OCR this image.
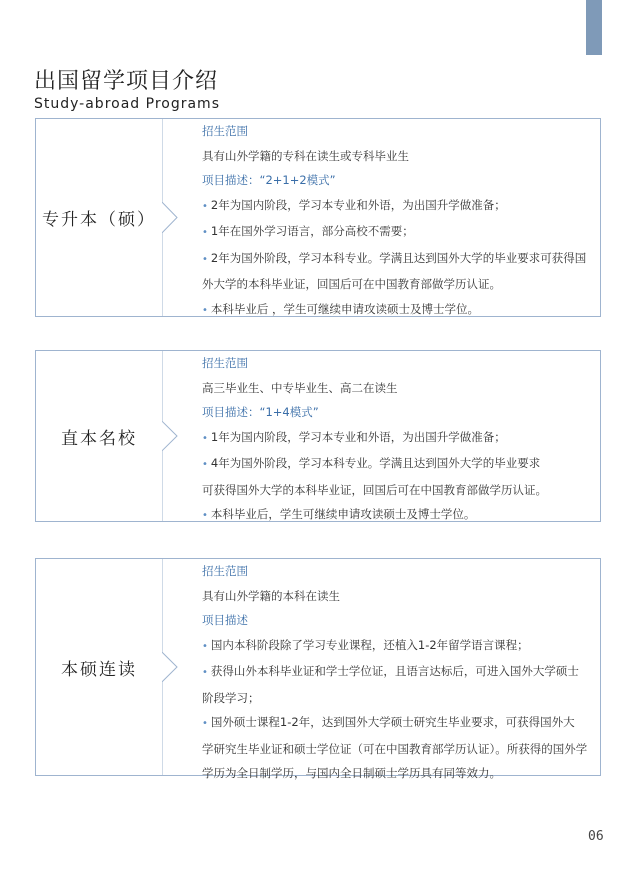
出国留学项目介绍
Study-abroad Programs
专升本（硕）
招生范围
具有山外学籍的专科在读生或专科毕业生
项目描述：“2+1+2模式”
• 2年为国内阶段，学习本专业和外语，为出国升学做准备；
• 1年在国外学习语言，部分高校不需要；
• 2年为国外阶段，学习本科专业。学满且达到国外大学的毕业要求可获得国
外大学的本科毕业证，回国后可在中国教育部做学历认证。
• 本科毕业后 ，学生可继续申请攻读硕士及博士学位。
直本名校
招生范围
高三毕业生、中专毕业生、高二在读生
项目描述：“1+4模式”
• 1年为国内阶段，学习本专业和外语，为出国升学做准备；
• 4年为国外阶段，学习本科专业。学满且达到国外大学的毕业要求
可获得国外大学的本科毕业证，回国后可在中国教育部做学历认证。
• 本科毕业后，学生可继续申请攻读硕士及博士学位。
本硕连读
招生范围
具有山外学籍的本科在读生
项目描述
• 国内本科阶段除了学习专业课程，还植入1-2年留学语言课程；
• 获得山外本科毕业证和学士学位证，且语言达标后，可进入国外大学硕士
阶段学习；
• 国外硕士课程1-2年，达到国外大学硕士研究生毕业要求，可获得国外大
学研究生毕业证和硕士学位证（可在中国教育部学历认证）。所获得的国外学
学历为全日制学历，与国内全日制硕士学历具有同等效力。
06
